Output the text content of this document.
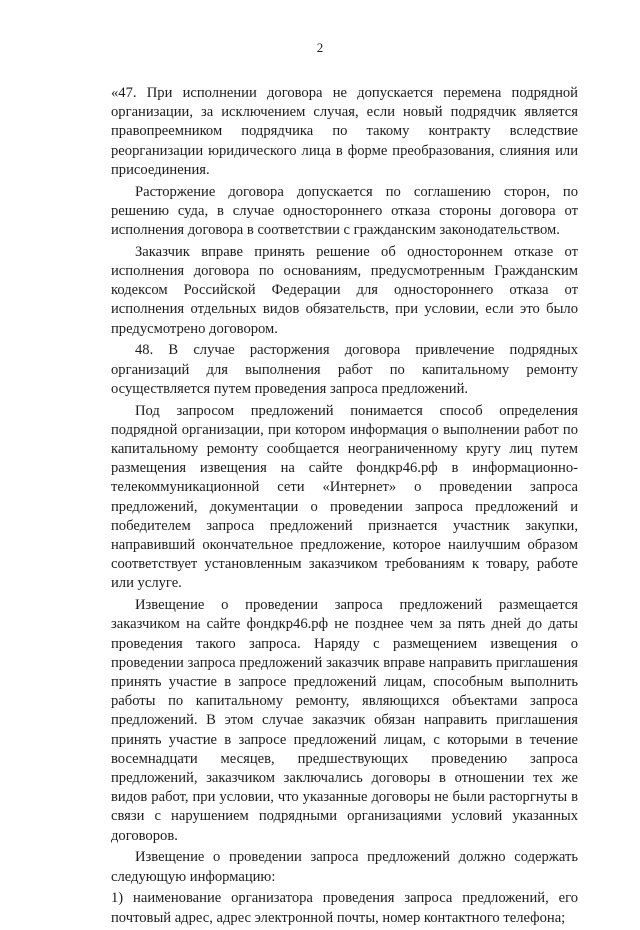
2

«47. При исполнении договора не допускается перемена подрядной
организации, за исключением случая, если новый подрядчик является
правопреемником подрядчика по такому контракту вследствие
реорганизации юридического лица в форме преобразования, слияния или
присоединения.

Расторжение договора допускается по соглашению сторон, по
решению суда, в случае одностороннего отказа стороны договора от
исполнения договора в соответствии с гражданским законодательством.

Заказчик вправе принять решение об одностороннем отказе от
исполнения договора по основаниям, предусмотренным Гражданским
кодексом Российской Федерации для одностороннего отказа от
исполнения отдельных видов обязательств, при условии, если это было
предусмотрено договором.

48. В случае расторжения договора привлечение подрядных
организаций для выполнения работ по капитальному ремонту
осуществляется путем проведения запроса предложений.

Под запросом предложений понимается способ определения
подрядной организации, при котором информация о выполнении работ по
капитальному ремонту сообщается неограниченному кругу лиц путем
размещения извещения на сайте фондкр46.рф в информационно-
телекоммуникационной сети «Интернет» о проведении запроса
предложений, документации о проведении запроса предложений и
победителем запроса предложений признается участник закупки,
направивший окончательное предложение, которое наилучшим образом
соответствует установленным заказчиком требованиям к товару, работе
или услуге.

Извещение о проведении запроса предложений размещается
заказчиком на сайте фондкр46.рф не позднее чем за пять дней до даты
проведения такого запроса. Наряду с размещением извещения о
проведении запроса предложений заказчик вправе направить приглашения
принять участие в запросе предложений лицам, способным выполнить
работы по капитальному ремонту, являющихся объектами запроса
предложений. В этом случае заказчик обязан направить приглашения
принять участие в запросе предложений лицам, с которыми в течение
восемнадцати месяцев, предшествующих проведению запроса
предложений, заказчиком заключались договоры в отношении тех же
видов работ, при условии, что указанные договоры не были расторгнуты в
связи с нарушением подрядными организациями условий указанных
договоров.

Извещение о проведении запроса предложений должно содержать
следующую информацию:

1) наименование организатора проведения запроса предложений, его
почтовый адрес, адрес электронной почты, номер контактного телефона;
